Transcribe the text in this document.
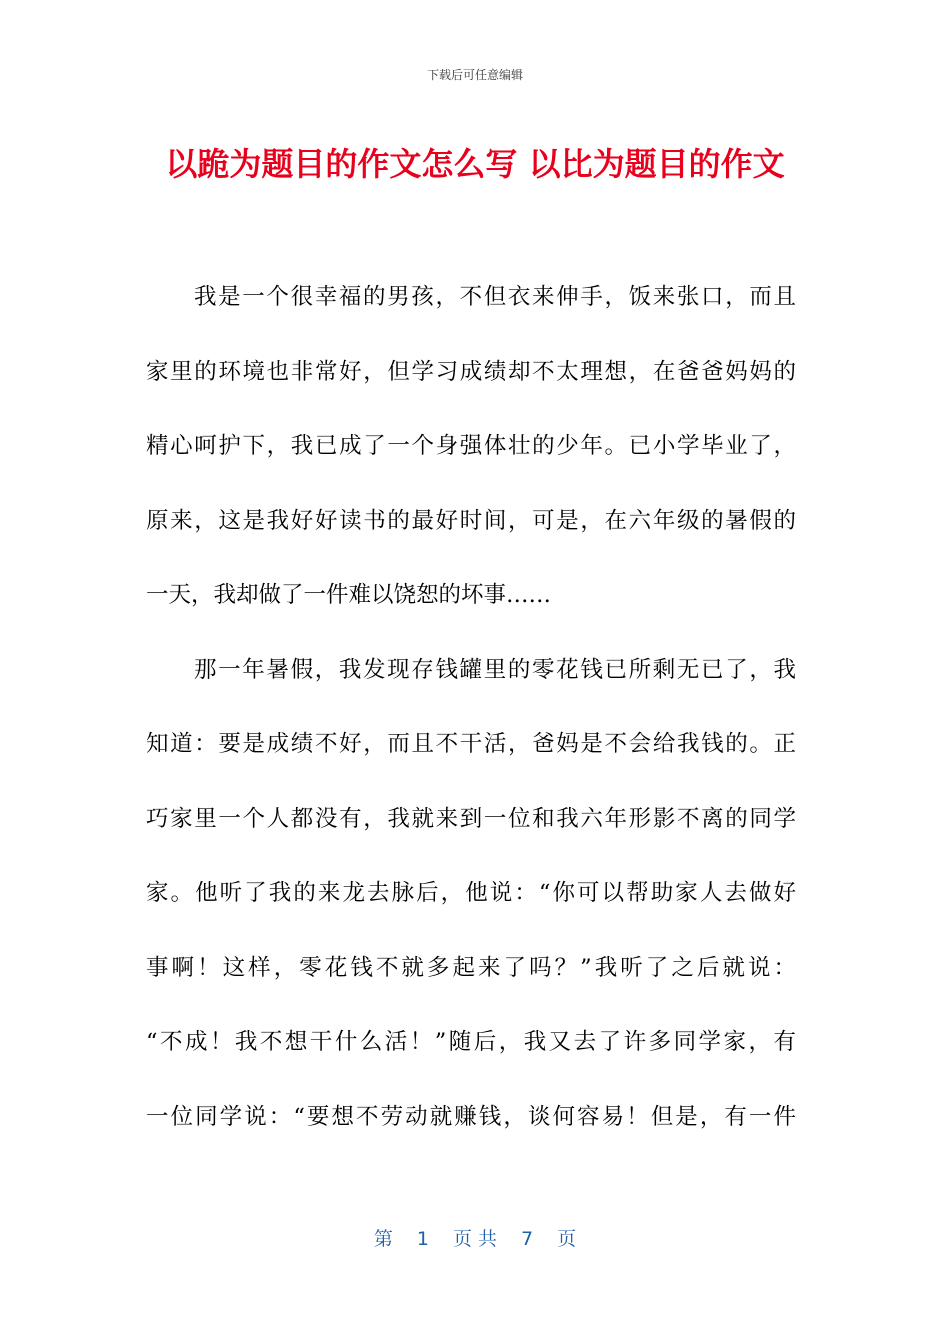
下载后可任意编辑
以跪为题目的作文怎么写 以比为题目的作文
我是一个很幸福的男孩，不但衣来伸手，饭来张口，而且
家里的环境也非常好，但学习成绩却不太理想，在爸爸妈妈的
精心呵护下，我已成了一个身强体壮的少年。已小学毕业了，
原来，这是我好好读书的最好时间，可是，在六年级的暑假的
一天，我却做了一件难以饶恕的坏事……
那一年暑假，我发现存钱罐里的零花钱已所剩无已了，我
知道：要是成绩不好，而且不干活，爸妈是不会给我钱的。正
巧家里一个人都没有，我就来到一位和我六年形影不离的同学
家。他听了我的来龙去脉后，他说：“你可以帮助家人去做好
事啊！这样，零花钱不就多起来了吗？”我听了之后就说：
“不成！我不想干什么活！”随后，我又去了许多同学家，有
一位同学说：“要想不劳动就赚钱，谈何容易！但是，有一件
第 1 页 共 7 页
